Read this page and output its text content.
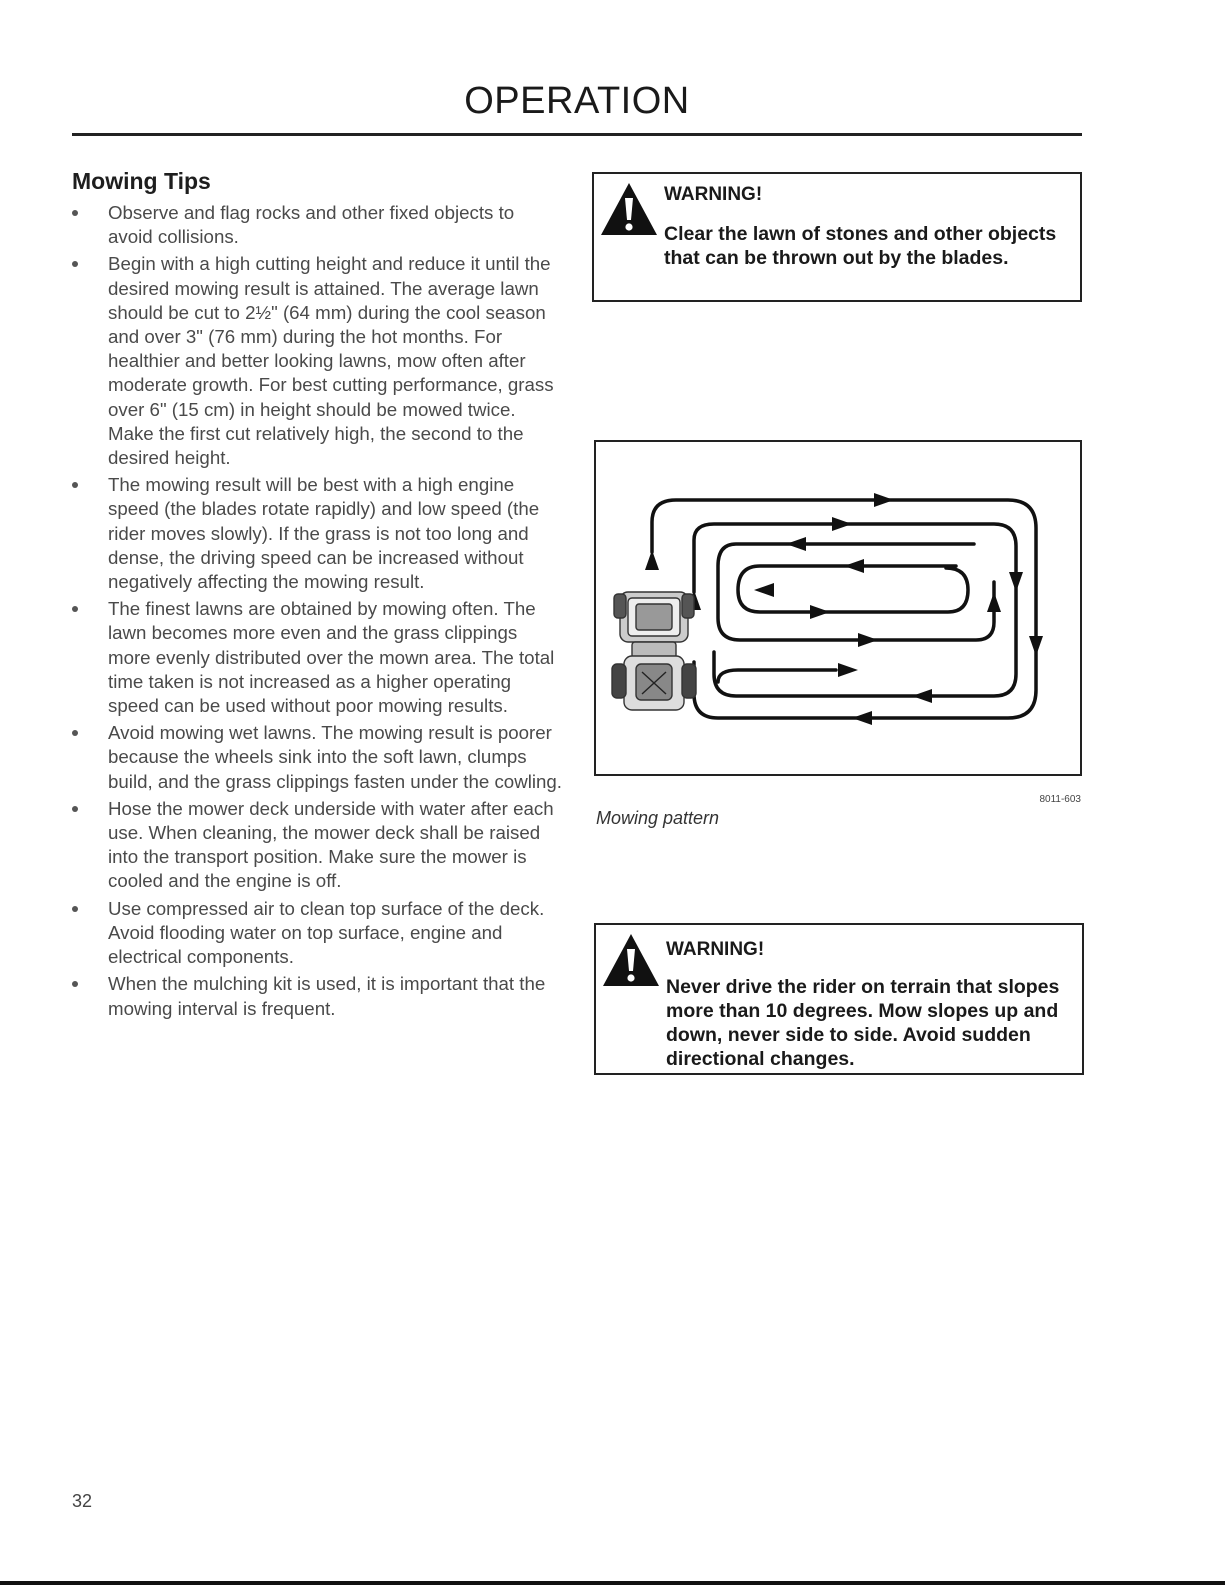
OPERATION
Mowing Tips
Observe and flag rocks and other fixed objects to avoid collisions.
Begin with a high cutting height and reduce it until the desired mowing result is attained. The average lawn should be cut to 2½" (64 mm) during the cool season and over 3" (76 mm) during the hot months. For healthier and better looking lawns, mow often after moderate growth. For best cutting performance, grass over 6" (15 cm) in height should be mowed twice. Make the first cut relatively high, the second to the desired height.
The mowing result will be best with a high engine speed (the blades rotate rapidly) and low speed (the rider moves slowly). If the grass is not too long and dense, the driving speed can be increased without negatively affecting the mowing result.
The finest lawns are obtained by mowing often. The lawn becomes more even and the grass clippings more evenly distributed over the mown area. The total time taken is not increased as a higher operating speed can be used without poor mowing results.
Avoid mowing wet lawns. The mowing result is poorer because the wheels sink into the soft lawn, clumps build, and the grass clippings fasten under the cowling.
Hose the mower deck underside with water after each use. When cleaning, the mower deck shall be raised into the transport position. Make sure the mower is cooled and the engine is off.
Use compressed air to clean top surface of the deck. Avoid flooding water on top surface, engine and electrical components.
When the mulching kit is used, it is important that the mowing interval is frequent.
WARNING!
Clear the lawn of stones and other objects that can be thrown out by the blades.
8011-603
Mowing pattern
WARNING!
Never drive the rider on terrain that slopes more than 10 degrees. Mow slopes up and down, never side to side. Avoid sudden directional changes.
32
